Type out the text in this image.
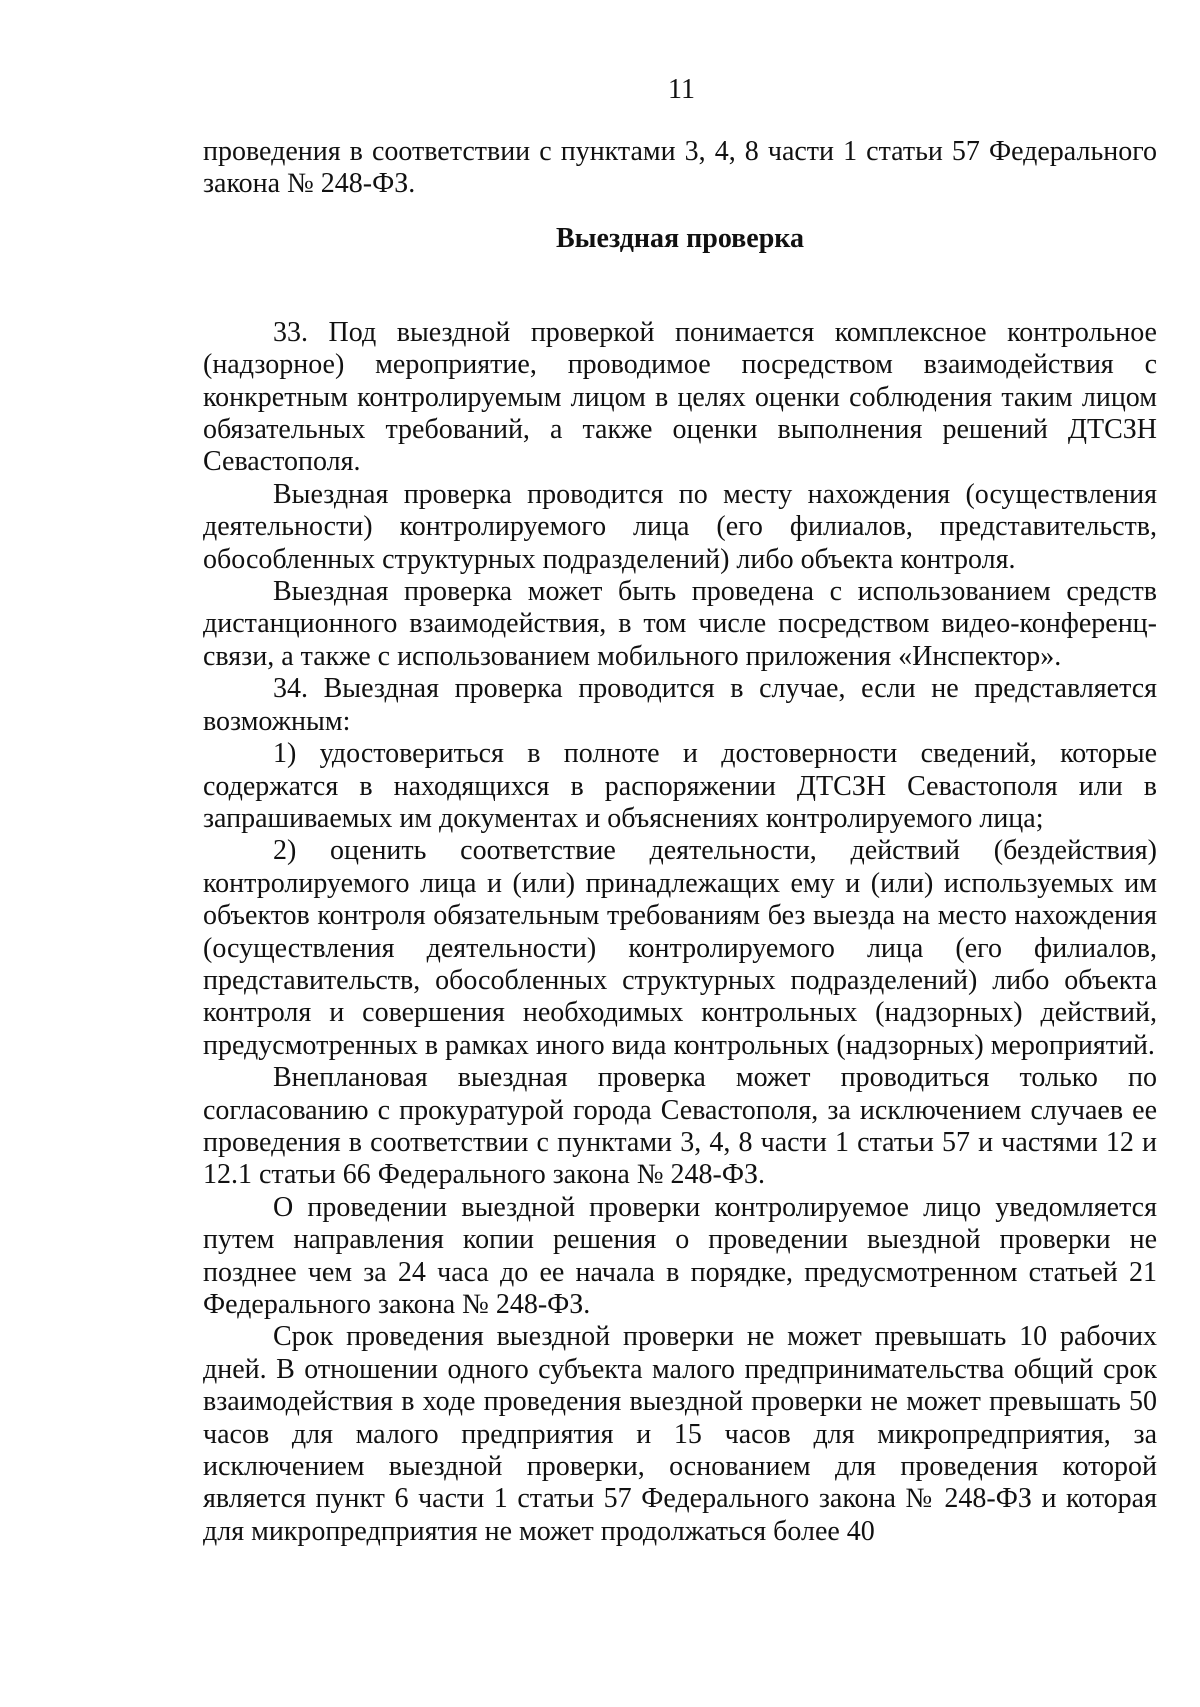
11

проведения в соответствии с пунктами 3, 4, 8 части 1 статьи 57 Федерального закона № 248-ФЗ.

Выездная проверка

33. Под выездной проверкой понимается комплексное контрольное (надзорное) мероприятие, проводимое посредством взаимодействия с конкретным контролируемым лицом в целях оценки соблюдения таким лицом обязательных требований, а также оценки выполнения решений ДТСЗН Севастополя.

Выездная проверка проводится по месту нахождения (осуществления деятельности) контролируемого лица (его филиалов, представительств, обособленных структурных подразделений) либо объекта контроля.

Выездная проверка может быть проведена с использованием средств дистанционного взаимодействия, в том числе посредством видео-конференц-связи, а также с использованием мобильного приложения «Инспектор».

34. Выездная проверка проводится в случае, если не представляется возможным:

1) удостовериться в полноте и достоверности сведений, которые содержатся в находящихся в распоряжении ДТСЗН Севастополя или в запрашиваемых им документах и объяснениях контролируемого лица;

2) оценить соответствие деятельности, действий (бездействия) контролируемого лица и (или) принадлежащих ему и (или) используемых им объектов контроля обязательным требованиям без выезда на место нахождения (осуществления деятельности) контролируемого лица (его филиалов, представительств, обособленных структурных подразделений) либо объекта контроля и совершения необходимых контрольных (надзорных) действий, предусмотренных в рамках иного вида контрольных (надзорных) мероприятий.

Внеплановая выездная проверка может проводиться только по согласованию с прокуратурой города Севастополя, за исключением случаев ее проведения в соответствии с пунктами 3, 4, 8 части 1 статьи 57 и частями 12 и 12.1 статьи 66 Федерального закона № 248-ФЗ.

О проведении выездной проверки контролируемое лицо уведомляется путем направления копии решения о проведении выездной проверки не позднее чем за 24 часа до ее начала в порядке, предусмотренном статьей 21 Федерального закона № 248-ФЗ.

Срок проведения выездной проверки не может превышать 10 рабочих дней. В отношении одного субъекта малого предпринимательства общий срок взаимодействия в ходе проведения выездной проверки не может превышать 50 часов для малого предприятия и 15 часов для микропредприятия, за исключением выездной проверки, основанием для проведения которой является пункт 6 части 1 статьи 57 Федерального закона № 248-ФЗ и которая для микропредприятия не может продолжаться более 40
